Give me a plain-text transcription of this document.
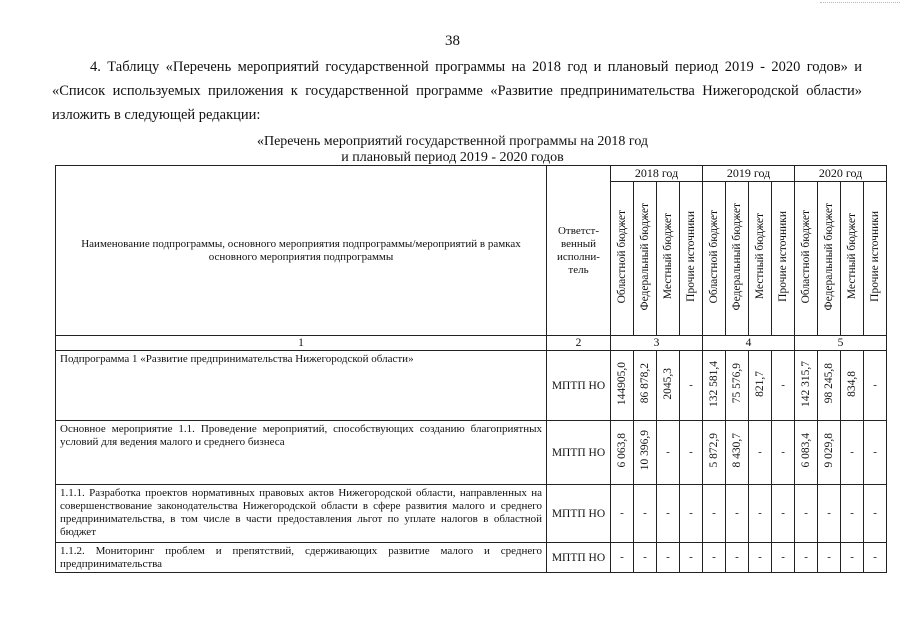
38

4. Таблицу «Перечень мероприятий государственной программы на 2018 год и плановый период 2019 - 2020 годов» и «Список используемых приложения к государственной программе «Развитие предпринимательства Нижегородской области» изложить в следующей редакции:

«Перечень мероприятий государственной программы на 2018 год
и плановый период 2019 - 2020 годов
Наименование подпрограммы, основного мероприятия подпрограммы/мероприятий в рамках основного мероприятия подпрограммы	Ответст- венный исполни- тель	2018 год				2019 год				2020 год			
		Областной бюджет	Федеральный бюджет	Местный бюджет	Прочие источники	Областной бюджет	Федеральный бюджет	Местный бюджет	Прочие источники	Областной бюджет	Федеральный бюджет	Местный бюджет	Прочие источники
1	2	3				4				5			
Подпрограмма 1 «Развитие предпринимательства Нижегородской области»	МПТП НО	144905,0	86 878,2	2045,3	-	132 581,4	75 576,9	821,7	-	142 315,7	98 245,8	834,8	-
Основное мероприятие 1.1. Проведение мероприятий, способствующих созданию благоприятных условий для ведения малого и среднего бизнеса	МПТП НО	6 063,8	10 396,9	-	-	5 872,9	8 430,7	-	-	6 083,4	9 029,8	-	-
1.1.1. Разработка проектов нормативных правовых актов Нижегородской области, направленных на совершенствование законодательства Нижегородской области в сфере развития малого и среднего предпринимательства, в том числе в части предоставления льгот по уплате налогов в областной бюджет	МПТП НО	-	-	-	-	-	-	-	-	-	-	-	-
1.1.2. Мониторинг проблем и препятствий, сдерживающих развитие малого и среднего предпринимательства	МПТП НО	-	-	-	-	-	-	-	-	-	-	-	-
